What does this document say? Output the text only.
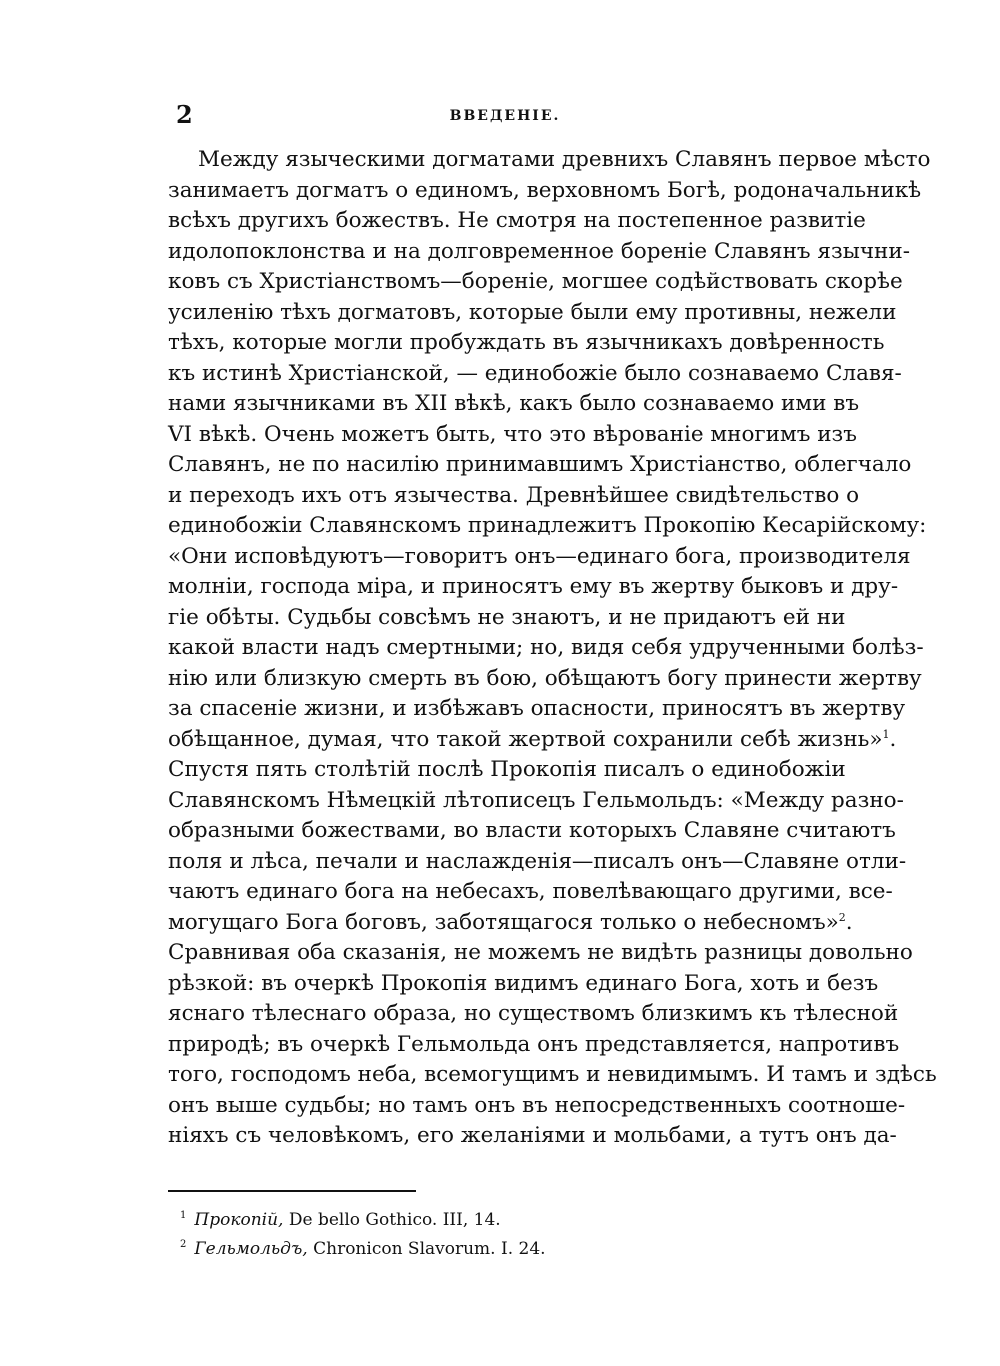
2	ВВЕДЕНІЕ.
Между языческими догматами древнихъ Славянъ первое мѣсто
занимаетъ догматъ о единомъ, верховномъ Богѣ, родоначальникѣ
всѣхъ другихъ божествъ. Не смотря на постепенное развитіе
идолопоклонства и на долговременное бореніе Славянъ язычни-
ковъ съ Христіанствомъ—бореніе, могшее содѣйствовать скорѣе
усиленію тѣхъ догматовъ, которые были ему противны, нежели
тѣхъ, которые могли пробуждать въ язычникахъ довѣренность
къ истинѣ Христіанской, — единобожіе было сознаваемо Славя-
нами язычниками въ XII вѣкѣ, какъ было сознаваемо ими въ
VI вѣкѣ. Очень можетъ быть, что это вѣрованіе многимъ изъ
Славянъ, не по насилію принимавшимъ Христіанство, облегчало
и переходъ ихъ отъ язычества. Древнѣйшее свидѣтельство о
единобожіи Славянскомъ принадлежитъ Прокопію Кесарійскому:
«Они исповѣдуютъ—говоритъ онъ—единаго бога, производителя
молніи, господа міра, и приносятъ ему въ жертву быковъ и дру-
гіе обѣты. Судьбы совсѣмъ не знаютъ, и не придаютъ ей ни
какой власти надъ смертными; но, видя себя удрученными болѣз-
нію или близкую смерть въ бою, обѣщаютъ богу принести жертву
за спасеніе жизни, и избѣжавъ опасности, приносятъ въ жертву
обѣщанное, думая, что такой жертвой сохранили себѣ жизнь»$^1$.
Спустя пять столѣтій послѣ Прокопія писалъ о единобожіи
Славянскомъ Нѣмецкій лѣтописецъ Гельмольдъ: «Между разно-
образными божествами, во власти которыхъ Славяне считаютъ
поля и лѣса, печали и наслажденія—писалъ онъ—Славяне отли-
чаютъ единаго бога на небесахъ, повелѣвающаго другими, все-
могущаго Бога боговъ, заботящагося только о небесномъ»$^2$.
Сравнивая оба сказанія, не можемъ не видѣть разницы довольно
рѣзкой: въ очеркѣ Прокопія видимъ единаго Бога, хоть и безъ
яснаго тѣлеснаго образа, но существомъ близкимъ къ тѣлесной
природѣ; въ очеркѣ Гельмольда онъ представляется, напротивъ
того, господомъ неба, всемогущимъ и невидимымъ. И тамъ и здѣсь
онъ выше судьбы; но тамъ онъ въ непосредственныхъ соотноше-
ніяхъ съ человѣкомъ, его желаніями и мольбами, а тутъ онъ да-
$^1$ Прокопій, De bello Gothico. III, 14.
$^2$ Гельмольдъ, Chronicon Slavorum. I. 24.
